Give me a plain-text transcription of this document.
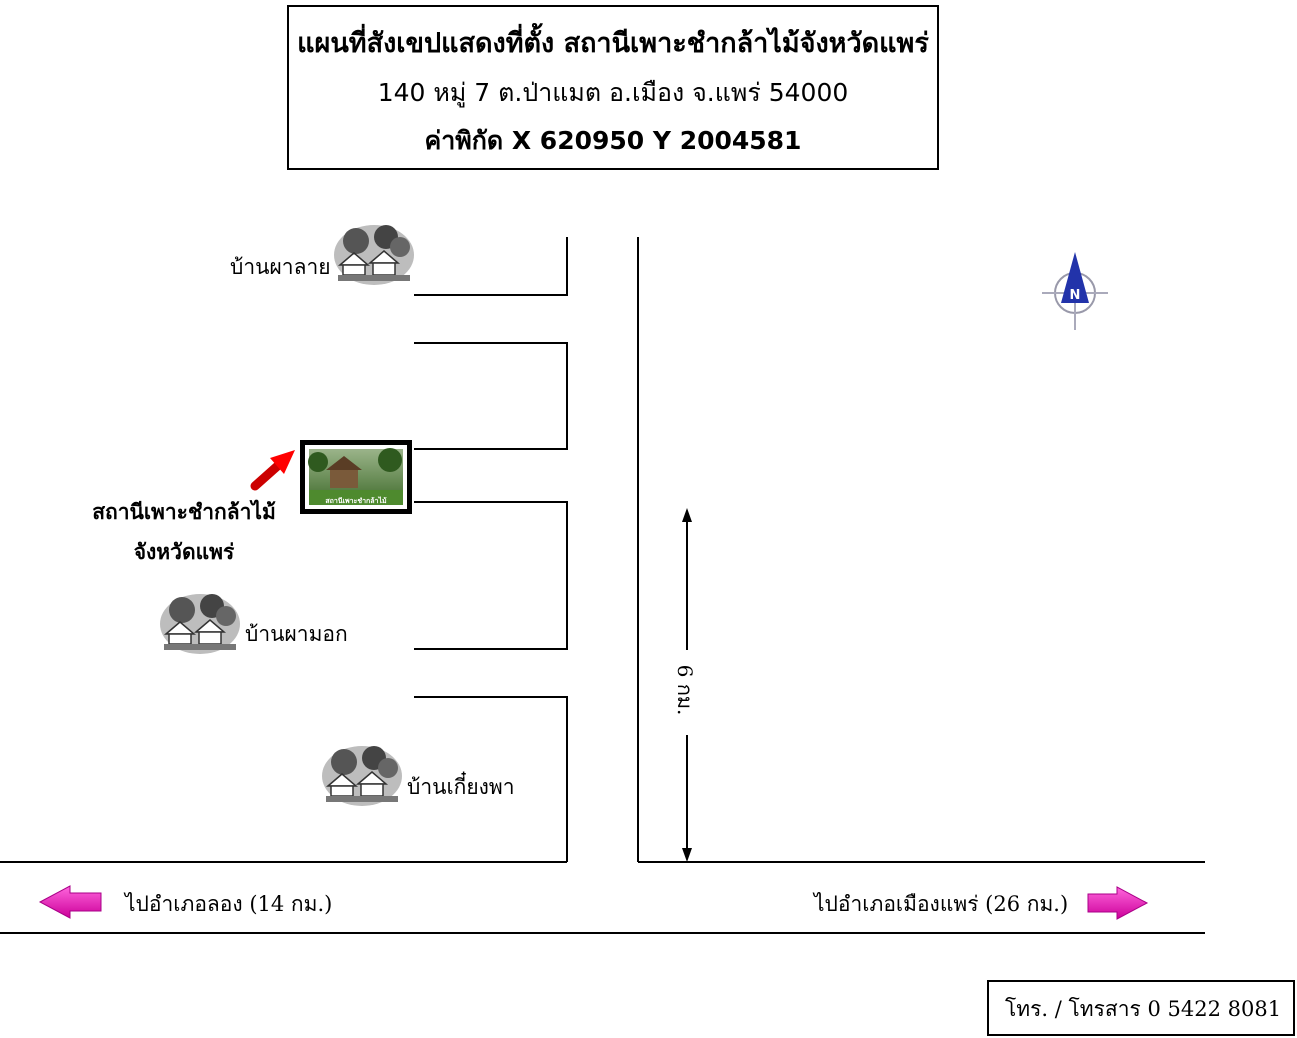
แผนที่สังเขปแสดงที่ตั้ง สถานีเพาะชำกล้าไม้จังหวัดแพร่
140 หมู่ 7 ต.ป่าแมต อ.เมือง จ.แพร่ 54000
ค่าพิกัด X 620950 Y 2004581
N
สถานีเพาะชำกล้าไม้
6 กม.
บ้านผาลาย
บ้านผามอก
บ้านเกี๋ยงพา
สถานีเพาะชำกล้าไม้
จังหวัดแพร่
ไปอำเภอลอง (14 กม.)	ไปอำเภอเมืองแพร่ (26 กม.)
โทร. / โทรสาร 0 5422 8081
